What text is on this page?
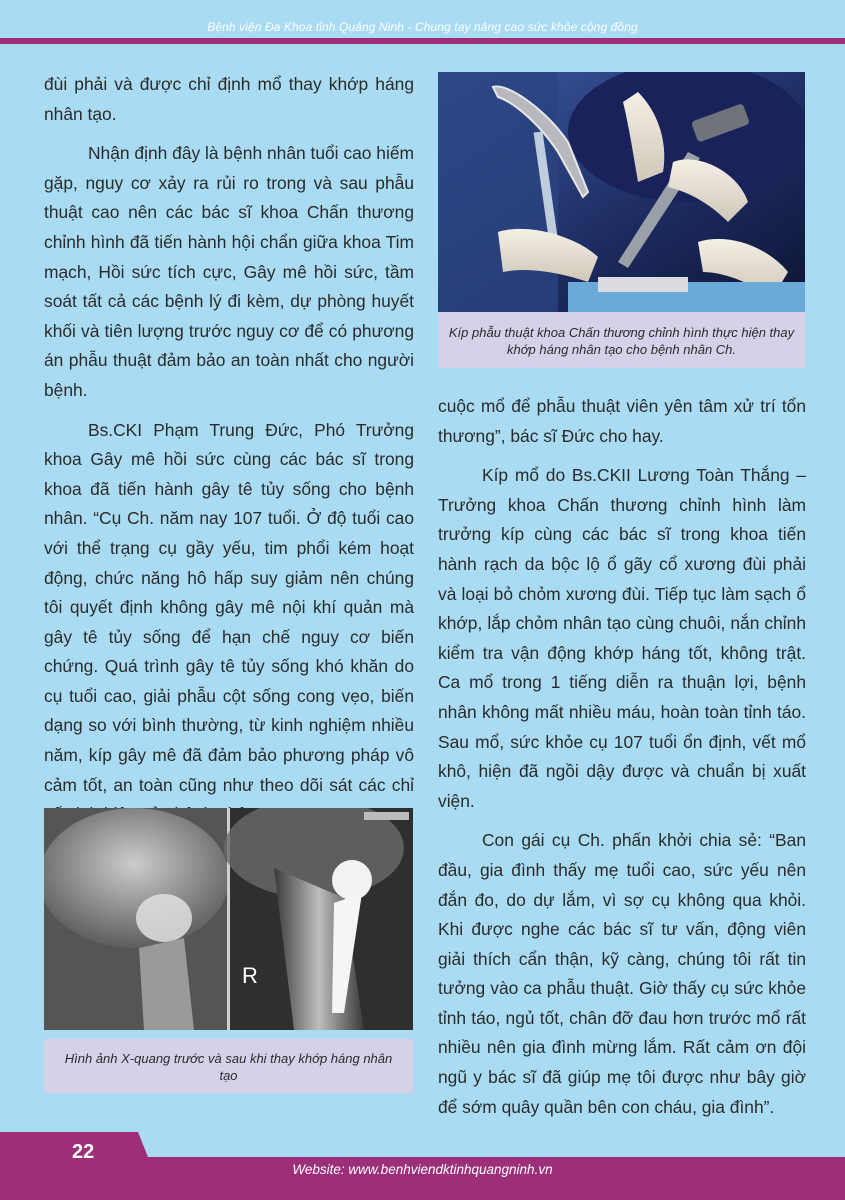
Bệnh viện Đa Khoa tỉnh Quảng Ninh - Chung tay nâng cao sức khỏe cộng đồng

đùi phải và được chỉ định mổ thay khớp háng nhân tạo.

Nhận định đây là bệnh nhân tuổi cao hiếm gặp, nguy cơ xảy ra rủi ro trong và sau phẫu thuật cao nên các bác sĩ khoa Chấn thương chỉnh hình đã tiến hành hội chẩn giữa khoa Tim mạch, Hồi sức tích cực, Gây mê hồi sức, tầm soát tất cả các bệnh lý đi kèm, dự phòng huyết khối và tiên lượng trước nguy cơ để có phương án phẫu thuật đảm bảo an toàn nhất cho người bệnh.

Bs.CKI Phạm Trung Đức, Phó Trưởng khoa Gây mê hồi sức cùng các bác sĩ trong khoa đã tiến hành gây tê tủy sống cho bệnh nhân. “Cụ Ch. năm nay 107 tuổi. Ở độ tuổi cao với thể trạng cụ gầy yếu, tim phổi kém hoạt động, chức năng hô hấp suy giảm nên chúng tôi quyết định không gây mê nội khí quản mà gây tê tủy sống để hạn chế nguy cơ biến chứng. Quá trình gây tê tủy sống khó khăn do cụ tuổi cao, giải phẫu cột sống cong vẹo, biến dạng so với bình thường, từ kinh nghiệm nhiều năm, kíp gây mê đã đảm bảo phương pháp vô cảm tốt, an toàn cũng như theo dõi sát các chỉ

Kíp phẫu thuật khoa Chấn thương chỉnh hình thực hiện thay khớp háng nhân tạo cho bệnh nhân Ch.

cuộc mổ để phẫu thuật viên yên tâm xử trí tổn thương”, bác sĩ Đức cho hay.

Kíp mổ do Bs.CKII Lương Toàn Thắng – Trưởng khoa Chấn thương chỉnh hình làm trưởng kíp cùng các bác sĩ trong khoa tiến hành rạch da bộc lộ ổ gãy cổ xương đùi phải và loại bỏ chỏm xương đùi. Tiếp tục làm sạch ổ khớp, lắp chỏm nhân tạo cùng chuôi, nắn chỉnh kiểm tra vận động khớp háng tốt, không trật. Ca mổ trong 1 tiếng diễn ra thuận lợi, bệnh nhân không mất nhiều máu, hoàn toàn tỉnh táo. Sau mổ, sức khỏe cụ 107 tuổi ổn định, vết mổ khô, hiện đã ngồi dậy được và chuẩn bị xuất viện.

Con gái cụ Ch. phấn khởi chia sẻ: “Ban đầu, gia đình thấy mẹ tuổi cao, sức yếu nên đắn đo, do dự lắm, vì sợ cụ không qua khỏi. Khi được nghe các bác sĩ tư vấn, động viên giải thích cẩn thận, kỹ càng, chúng tôi rất tin tưởng vào ca phẫu thuật. Giờ thấy cụ sức khỏe tỉnh táo, ngủ tốt, chân đỡ đau hơn trước mổ rất nhiều nên gia đình mừng lắm. Rất cảm ơn đội ngũ y bác sĩ đã giúp mẹ tôi được như bây giờ để sớm quây quần bên con cháu, gia đình”.

R
Hình ảnh X-quang trước và sau khi thay khớp háng nhân tạo
22
Website: www.benhviendktinhquangninh.vn
